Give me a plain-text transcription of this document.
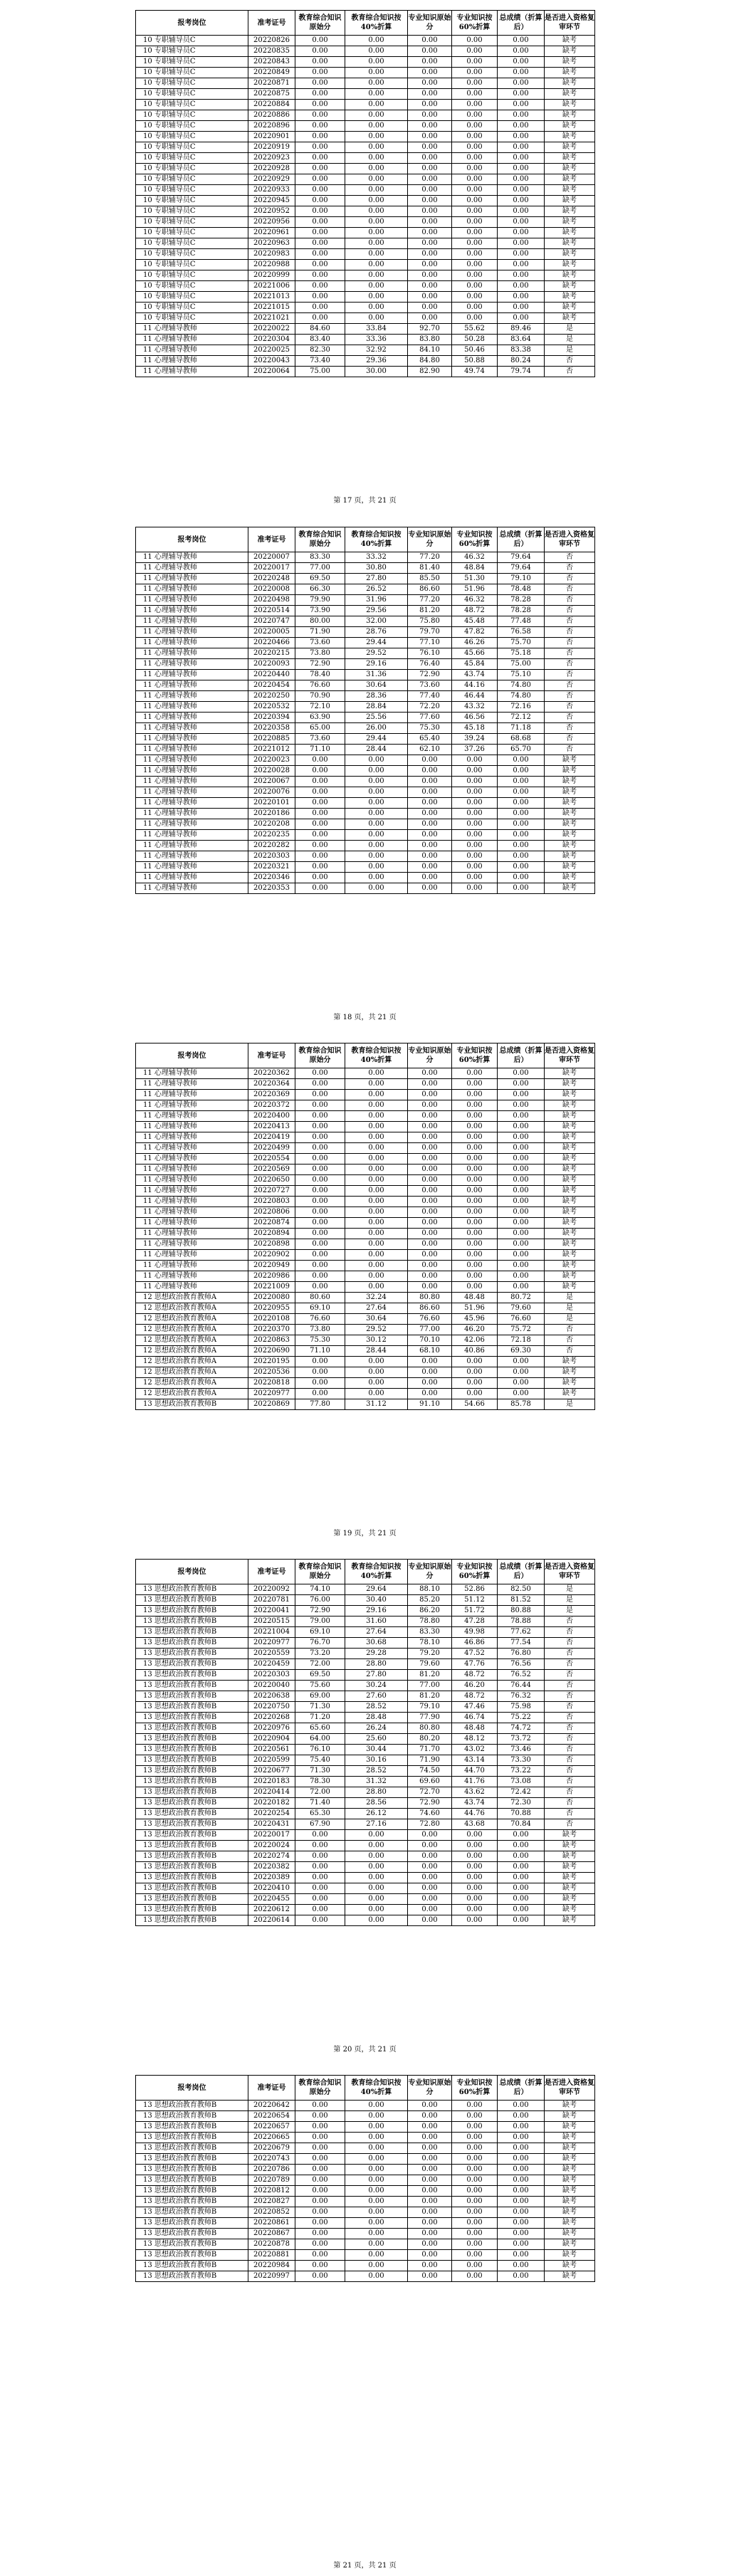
报考岗位	准考证号	教育综合知识原始分	教育综合知识按40%折算	专业知识原始分	专业知识按60%折算	总成绩（折算后）	是否进入资格复审环节
10 专职辅导员C	20220826	0.00	0.00	0.00	0.00	0.00	缺考
10 专职辅导员C	20220835	0.00	0.00	0.00	0.00	0.00	缺考
10 专职辅导员C	20220843	0.00	0.00	0.00	0.00	0.00	缺考
10 专职辅导员C	20220849	0.00	0.00	0.00	0.00	0.00	缺考
10 专职辅导员C	20220871	0.00	0.00	0.00	0.00	0.00	缺考
10 专职辅导员C	20220875	0.00	0.00	0.00	0.00	0.00	缺考
10 专职辅导员C	20220884	0.00	0.00	0.00	0.00	0.00	缺考
10 专职辅导员C	20220886	0.00	0.00	0.00	0.00	0.00	缺考
10 专职辅导员C	20220896	0.00	0.00	0.00	0.00	0.00	缺考
10 专职辅导员C	20220901	0.00	0.00	0.00	0.00	0.00	缺考
10 专职辅导员C	20220919	0.00	0.00	0.00	0.00	0.00	缺考
10 专职辅导员C	20220923	0.00	0.00	0.00	0.00	0.00	缺考
10 专职辅导员C	20220928	0.00	0.00	0.00	0.00	0.00	缺考
10 专职辅导员C	20220929	0.00	0.00	0.00	0.00	0.00	缺考
10 专职辅导员C	20220933	0.00	0.00	0.00	0.00	0.00	缺考
10 专职辅导员C	20220945	0.00	0.00	0.00	0.00	0.00	缺考
10 专职辅导员C	20220952	0.00	0.00	0.00	0.00	0.00	缺考
10 专职辅导员C	20220956	0.00	0.00	0.00	0.00	0.00	缺考
10 专职辅导员C	20220961	0.00	0.00	0.00	0.00	0.00	缺考
10 专职辅导员C	20220963	0.00	0.00	0.00	0.00	0.00	缺考
10 专职辅导员C	20220983	0.00	0.00	0.00	0.00	0.00	缺考
10 专职辅导员C	20220988	0.00	0.00	0.00	0.00	0.00	缺考
10 专职辅导员C	20220999	0.00	0.00	0.00	0.00	0.00	缺考
10 专职辅导员C	20221006	0.00	0.00	0.00	0.00	0.00	缺考
10 专职辅导员C	20221013	0.00	0.00	0.00	0.00	0.00	缺考
10 专职辅导员C	20221015	0.00	0.00	0.00	0.00	0.00	缺考
10 专职辅导员C	20221021	0.00	0.00	0.00	0.00	0.00	缺考
11 心理辅导教师	20220022	84.60	33.84	92.70	55.62	89.46	是
11 心理辅导教师	20220304	83.40	33.36	83.80	50.28	83.64	是
11 心理辅导教师	20220025	82.30	32.92	84.10	50.46	83.38	是
11 心理辅导教师	20220043	73.40	29.36	84.80	50.88	80.24	否
11 心理辅导教师	20220064	75.00	30.00	82.90	49.74	79.74	否
第 17 页，共 21 页
报考岗位	准考证号	教育综合知识原始分	教育综合知识按40%折算	专业知识原始分	专业知识按60%折算	总成绩（折算后）	是否进入资格复审环节
11 心理辅导教师	20220007	83.30	33.32	77.20	46.32	79.64	否
11 心理辅导教师	20220017	77.00	30.80	81.40	48.84	79.64	否
11 心理辅导教师	20220248	69.50	27.80	85.50	51.30	79.10	否
11 心理辅导教师	20220008	66.30	26.52	86.60	51.96	78.48	否
11 心理辅导教师	20220498	79.90	31.96	77.20	46.32	78.28	否
11 心理辅导教师	20220514	73.90	29.56	81.20	48.72	78.28	否
11 心理辅导教师	20220747	80.00	32.00	75.80	45.48	77.48	否
11 心理辅导教师	20220005	71.90	28.76	79.70	47.82	76.58	否
11 心理辅导教师	20220466	73.60	29.44	77.10	46.26	75.70	否
11 心理辅导教师	20220215	73.80	29.52	76.10	45.66	75.18	否
11 心理辅导教师	20220093	72.90	29.16	76.40	45.84	75.00	否
11 心理辅导教师	20220440	78.40	31.36	72.90	43.74	75.10	否
11 心理辅导教师	20220454	76.60	30.64	73.60	44.16	74.80	否
11 心理辅导教师	20220250	70.90	28.36	77.40	46.44	74.80	否
11 心理辅导教师	20220532	72.10	28.84	72.20	43.32	72.16	否
11 心理辅导教师	20220394	63.90	25.56	77.60	46.56	72.12	否
11 心理辅导教师	20220358	65.00	26.00	75.30	45.18	71.18	否
11 心理辅导教师	20220885	73.60	29.44	65.40	39.24	68.68	否
11 心理辅导教师	20221012	71.10	28.44	62.10	37.26	65.70	否
11 心理辅导教师	20220023	0.00	0.00	0.00	0.00	0.00	缺考
11 心理辅导教师	20220028	0.00	0.00	0.00	0.00	0.00	缺考
11 心理辅导教师	20220067	0.00	0.00	0.00	0.00	0.00	缺考
11 心理辅导教师	20220076	0.00	0.00	0.00	0.00	0.00	缺考
11 心理辅导教师	20220101	0.00	0.00	0.00	0.00	0.00	缺考
11 心理辅导教师	20220186	0.00	0.00	0.00	0.00	0.00	缺考
11 心理辅导教师	20220208	0.00	0.00	0.00	0.00	0.00	缺考
11 心理辅导教师	20220235	0.00	0.00	0.00	0.00	0.00	缺考
11 心理辅导教师	20220282	0.00	0.00	0.00	0.00	0.00	缺考
11 心理辅导教师	20220303	0.00	0.00	0.00	0.00	0.00	缺考
11 心理辅导教师	20220321	0.00	0.00	0.00	0.00	0.00	缺考
11 心理辅导教师	20220346	0.00	0.00	0.00	0.00	0.00	缺考
11 心理辅导教师	20220353	0.00	0.00	0.00	0.00	0.00	缺考
第 18 页，共 21 页
报考岗位	准考证号	教育综合知识原始分	教育综合知识按40%折算	专业知识原始分	专业知识按60%折算	总成绩（折算后）	是否进入资格复审环节
11 心理辅导教师	20220362	0.00	0.00	0.00	0.00	0.00	缺考
11 心理辅导教师	20220364	0.00	0.00	0.00	0.00	0.00	缺考
11 心理辅导教师	20220369	0.00	0.00	0.00	0.00	0.00	缺考
11 心理辅导教师	20220372	0.00	0.00	0.00	0.00	0.00	缺考
11 心理辅导教师	20220400	0.00	0.00	0.00	0.00	0.00	缺考
11 心理辅导教师	20220413	0.00	0.00	0.00	0.00	0.00	缺考
11 心理辅导教师	20220419	0.00	0.00	0.00	0.00	0.00	缺考
11 心理辅导教师	20220499	0.00	0.00	0.00	0.00	0.00	缺考
11 心理辅导教师	20220554	0.00	0.00	0.00	0.00	0.00	缺考
11 心理辅导教师	20220569	0.00	0.00	0.00	0.00	0.00	缺考
11 心理辅导教师	20220650	0.00	0.00	0.00	0.00	0.00	缺考
11 心理辅导教师	20220727	0.00	0.00	0.00	0.00	0.00	缺考
11 心理辅导教师	20220803	0.00	0.00	0.00	0.00	0.00	缺考
11 心理辅导教师	20220806	0.00	0.00	0.00	0.00	0.00	缺考
11 心理辅导教师	20220874	0.00	0.00	0.00	0.00	0.00	缺考
11 心理辅导教师	20220894	0.00	0.00	0.00	0.00	0.00	缺考
11 心理辅导教师	20220898	0.00	0.00	0.00	0.00	0.00	缺考
11 心理辅导教师	20220902	0.00	0.00	0.00	0.00	0.00	缺考
11 心理辅导教师	20220949	0.00	0.00	0.00	0.00	0.00	缺考
11 心理辅导教师	20220986	0.00	0.00	0.00	0.00	0.00	缺考
11 心理辅导教师	20221009	0.00	0.00	0.00	0.00	0.00	缺考
12 思想政治教育教师A	20220080	80.60	32.24	80.80	48.48	80.72	是
12 思想政治教育教师A	20220955	69.10	27.64	86.60	51.96	79.60	是
12 思想政治教育教师A	20220108	76.60	30.64	76.60	45.96	76.60	是
12 思想政治教育教师A	20220370	73.80	29.52	77.00	46.20	75.72	否
12 思想政治教育教师A	20220863	75.30	30.12	70.10	42.06	72.18	否
12 思想政治教育教师A	20220690	71.10	28.44	68.10	40.86	69.30	否
12 思想政治教育教师A	20220195	0.00	0.00	0.00	0.00	0.00	缺考
12 思想政治教育教师A	20220536	0.00	0.00	0.00	0.00	0.00	缺考
12 思想政治教育教师A	20220818	0.00	0.00	0.00	0.00	0.00	缺考
12 思想政治教育教师A	20220977	0.00	0.00	0.00	0.00	0.00	缺考
13 思想政治教育教师B	20220869	77.80	31.12	91.10	54.66	85.78	是
第 19 页，共 21 页
报考岗位	准考证号	教育综合知识原始分	教育综合知识按40%折算	专业知识原始分	专业知识按60%折算	总成绩（折算后）	是否进入资格复审环节
13 思想政治教育教师B	20220092	74.10	29.64	88.10	52.86	82.50	是
13 思想政治教育教师B	20220781	76.00	30.40	85.20	51.12	81.52	是
13 思想政治教育教师B	20220041	72.90	29.16	86.20	51.72	80.88	是
13 思想政治教育教师B	20220515	79.00	31.60	78.80	47.28	78.88	否
13 思想政治教育教师B	20221004	69.10	27.64	83.30	49.98	77.62	否
13 思想政治教育教师B	20220977	76.70	30.68	78.10	46.86	77.54	否
13 思想政治教育教师B	20220559	73.20	29.28	79.20	47.52	76.80	否
13 思想政治教育教师B	20220459	72.00	28.80	79.60	47.76	76.56	否
13 思想政治教育教师B	20220303	69.50	27.80	81.20	48.72	76.52	否
13 思想政治教育教师B	20220040	75.60	30.24	77.00	46.20	76.44	否
13 思想政治教育教师B	20220638	69.00	27.60	81.20	48.72	76.32	否
13 思想政治教育教师B	20220750	71.30	28.52	79.10	47.46	75.98	否
13 思想政治教育教师B	20220268	71.20	28.48	77.90	46.74	75.22	否
13 思想政治教育教师B	20220976	65.60	26.24	80.80	48.48	74.72	否
13 思想政治教育教师B	20220904	64.00	25.60	80.20	48.12	73.72	否
13 思想政治教育教师B	20220561	76.10	30.44	71.70	43.02	73.46	否
13 思想政治教育教师B	20220599	75.40	30.16	71.90	43.14	73.30	否
13 思想政治教育教师B	20220677	71.30	28.52	74.50	44.70	73.22	否
13 思想政治教育教师B	20220183	78.30	31.32	69.60	41.76	73.08	否
13 思想政治教育教师B	20220414	72.00	28.80	72.70	43.62	72.42	否
13 思想政治教育教师B	20220182	71.40	28.56	72.90	43.74	72.30	否
13 思想政治教育教师B	20220254	65.30	26.12	74.60	44.76	70.88	否
13 思想政治教育教师B	20220431	67.90	27.16	72.80	43.68	70.84	否
13 思想政治教育教师B	20220017	0.00	0.00	0.00	0.00	0.00	缺考
13 思想政治教育教师B	20220024	0.00	0.00	0.00	0.00	0.00	缺考
13 思想政治教育教师B	20220274	0.00	0.00	0.00	0.00	0.00	缺考
13 思想政治教育教师B	20220382	0.00	0.00	0.00	0.00	0.00	缺考
13 思想政治教育教师B	20220389	0.00	0.00	0.00	0.00	0.00	缺考
13 思想政治教育教师B	20220410	0.00	0.00	0.00	0.00	0.00	缺考
13 思想政治教育教师B	20220455	0.00	0.00	0.00	0.00	0.00	缺考
13 思想政治教育教师B	20220612	0.00	0.00	0.00	0.00	0.00	缺考
13 思想政治教育教师B	20220614	0.00	0.00	0.00	0.00	0.00	缺考
第 20 页，共 21 页
报考岗位	准考证号	教育综合知识原始分	教育综合知识按40%折算	专业知识原始分	专业知识按60%折算	总成绩（折算后）	是否进入资格复审环节
13 思想政治教育教师B	20220642	0.00	0.00	0.00	0.00	0.00	缺考
13 思想政治教育教师B	20220654	0.00	0.00	0.00	0.00	0.00	缺考
13 思想政治教育教师B	20220657	0.00	0.00	0.00	0.00	0.00	缺考
13 思想政治教育教师B	20220665	0.00	0.00	0.00	0.00	0.00	缺考
13 思想政治教育教师B	20220679	0.00	0.00	0.00	0.00	0.00	缺考
13 思想政治教育教师B	20220743	0.00	0.00	0.00	0.00	0.00	缺考
13 思想政治教育教师B	20220786	0.00	0.00	0.00	0.00	0.00	缺考
13 思想政治教育教师B	20220789	0.00	0.00	0.00	0.00	0.00	缺考
13 思想政治教育教师B	20220812	0.00	0.00	0.00	0.00	0.00	缺考
13 思想政治教育教师B	20220827	0.00	0.00	0.00	0.00	0.00	缺考
13 思想政治教育教师B	20220852	0.00	0.00	0.00	0.00	0.00	缺考
13 思想政治教育教师B	20220861	0.00	0.00	0.00	0.00	0.00	缺考
13 思想政治教育教师B	20220867	0.00	0.00	0.00	0.00	0.00	缺考
13 思想政治教育教师B	20220878	0.00	0.00	0.00	0.00	0.00	缺考
13 思想政治教育教师B	20220881	0.00	0.00	0.00	0.00	0.00	缺考
13 思想政治教育教师B	20220984	0.00	0.00	0.00	0.00	0.00	缺考
13 思想政治教育教师B	20220997	0.00	0.00	0.00	0.00	0.00	缺考
第 21 页，共 21 页
